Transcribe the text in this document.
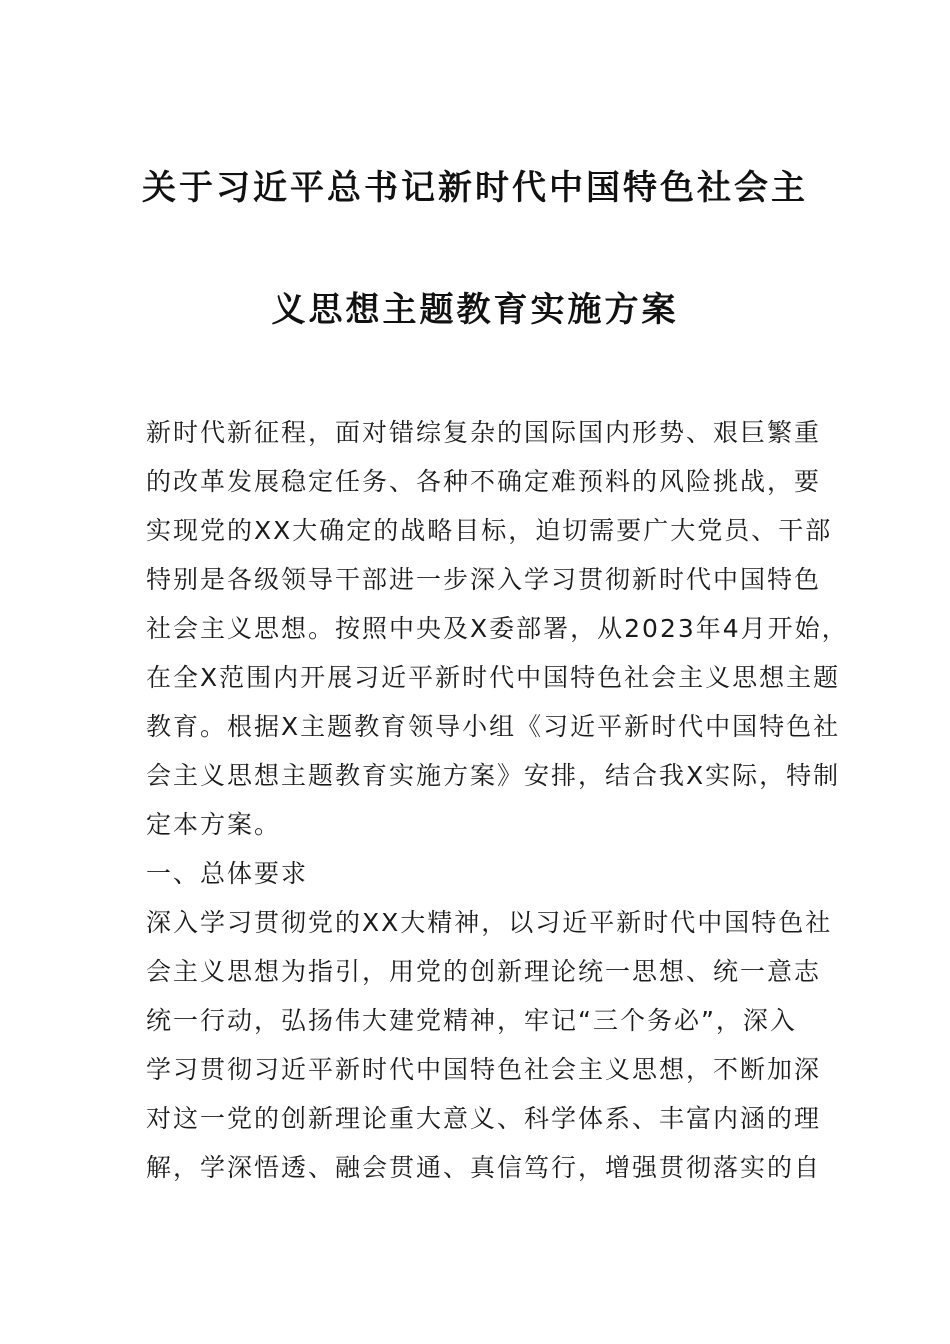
关于习近平总书记新时代中国特色社会主
义思想主题教育实施方案
新时代新征程，面对错综复杂的国际国内形势、艰巨繁重
的改革发展稳定任务、各种不确定难预料的风险挑战，要
实现党的XX大确定的战略目标，迫切需要广大党员、干部
特别是各级领导干部进一步深入学习贯彻新时代中国特色
社会主义思想。按照中央及X委部署，从2023年4月开始，
在全X范围内开展习近平新时代中国特色社会主义思想主题
教育。根据X主题教育领导小组《习近平新时代中国特色社
会主义思想主题教育实施方案》安排，结合我X实际，特制
定本方案。
一、总体要求
深入学习贯彻党的XX大精神，以习近平新时代中国特色社
会主义思想为指引，用党的创新理论统一思想、统一意志
统一行动，弘扬伟大建党精神，牢记“三个务必”，深入
学习贯彻习近平新时代中国特色社会主义思想，不断加深
对这一党的创新理论重大意义、科学体系、丰富内涵的理
解，学深悟透、融会贯通、真信笃行，增强贯彻落实的自
